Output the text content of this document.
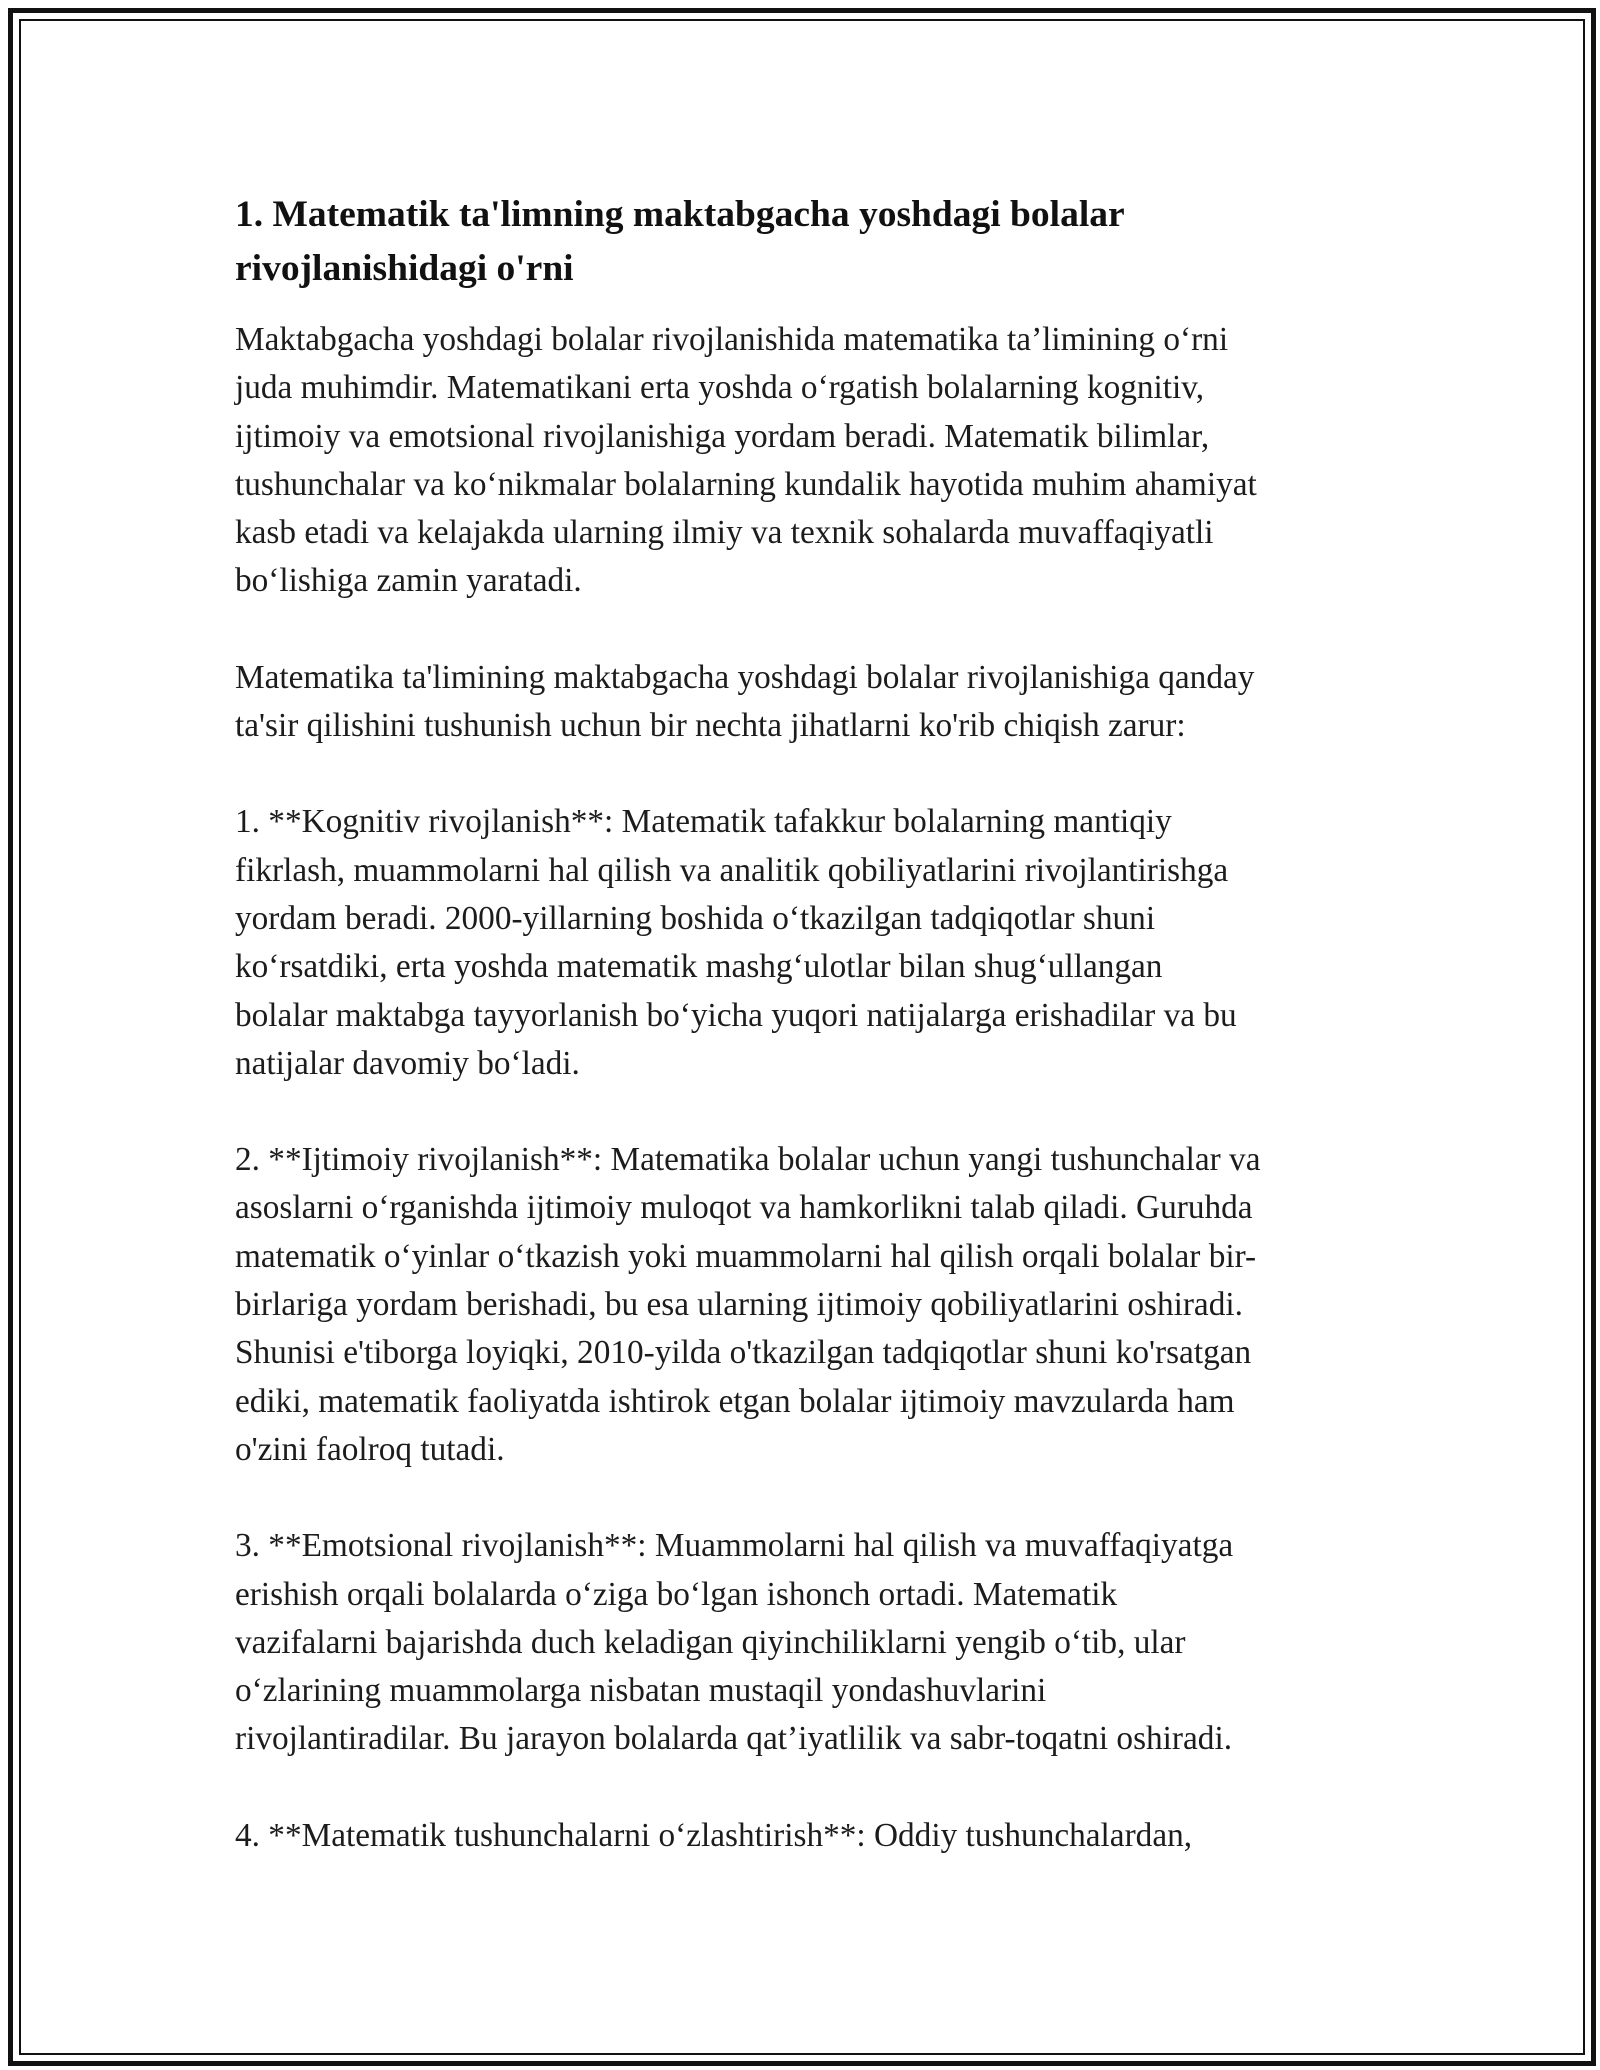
1. Matematik ta'limning maktabgacha yoshdagi bolalar
rivojlanishidagi o'rni

Maktabgacha yoshdagi bolalar rivojlanishida matematika ta’limining o‘rni
juda muhimdir. Matematikani erta yoshda o‘rgatish bolalarning kognitiv,
ijtimoiy va emotsional rivojlanishiga yordam beradi. Matematik bilimlar,
tushunchalar va ko‘nikmalar bolalarning kundalik hayotida muhim ahamiyat
kasb etadi va kelajakda ularning ilmiy va texnik sohalarda muvaffaqiyatli
bo‘lishiga zamin yaratadi.

Matematika ta'limining maktabgacha yoshdagi bolalar rivojlanishiga qanday
ta'sir qilishini tushunish uchun bir nechta jihatlarni ko'rib chiqish zarur:

1. **Kognitiv rivojlanish**: Matematik tafakkur bolalarning mantiqiy
fikrlash, muammolarni hal qilish va analitik qobiliyatlarini rivojlantirishga
yordam beradi. 2000-yillarning boshida o‘tkazilgan tadqiqotlar shuni
ko‘rsatdiki, erta yoshda matematik mashg‘ulotlar bilan shug‘ullangan
bolalar maktabga tayyorlanish bo‘yicha yuqori natijalarga erishadilar va bu
natijalar davomiy bo‘ladi.

2. **Ijtimoiy rivojlanish**: Matematika bolalar uchun yangi tushunchalar va
asoslarni o‘rganishda ijtimoiy muloqot va hamkorlikni talab qiladi. Guruhda
matematik o‘yinlar o‘tkazish yoki muammolarni hal qilish orqali bolalar bir-
birlariga yordam berishadi, bu esa ularning ijtimoiy qobiliyatlarini oshiradi.
Shunisi e'tiborga loyiqki, 2010-yilda o'tkazilgan tadqiqotlar shuni ko'rsatgan
ediki, matematik faoliyatda ishtirok etgan bolalar ijtimoiy mavzularda ham
o'zini faolroq tutadi.

3. **Emotsional rivojlanish**: Muammolarni hal qilish va muvaffaqiyatga
erishish orqali bolalarda o‘ziga bo‘lgan ishonch ortadi. Matematik
vazifalarni bajarishda duch keladigan qiyinchiliklarni yengib o‘tib, ular
o‘zlarining muammolarga nisbatan mustaqil yondashuvlarini
rivojlantiradilar. Bu jarayon bolalarda qat’iyatlilik va sabr-toqatni oshiradi.

4. **Matematik tushunchalarni o‘zlashtirish**: Oddiy tushunchalardan,
